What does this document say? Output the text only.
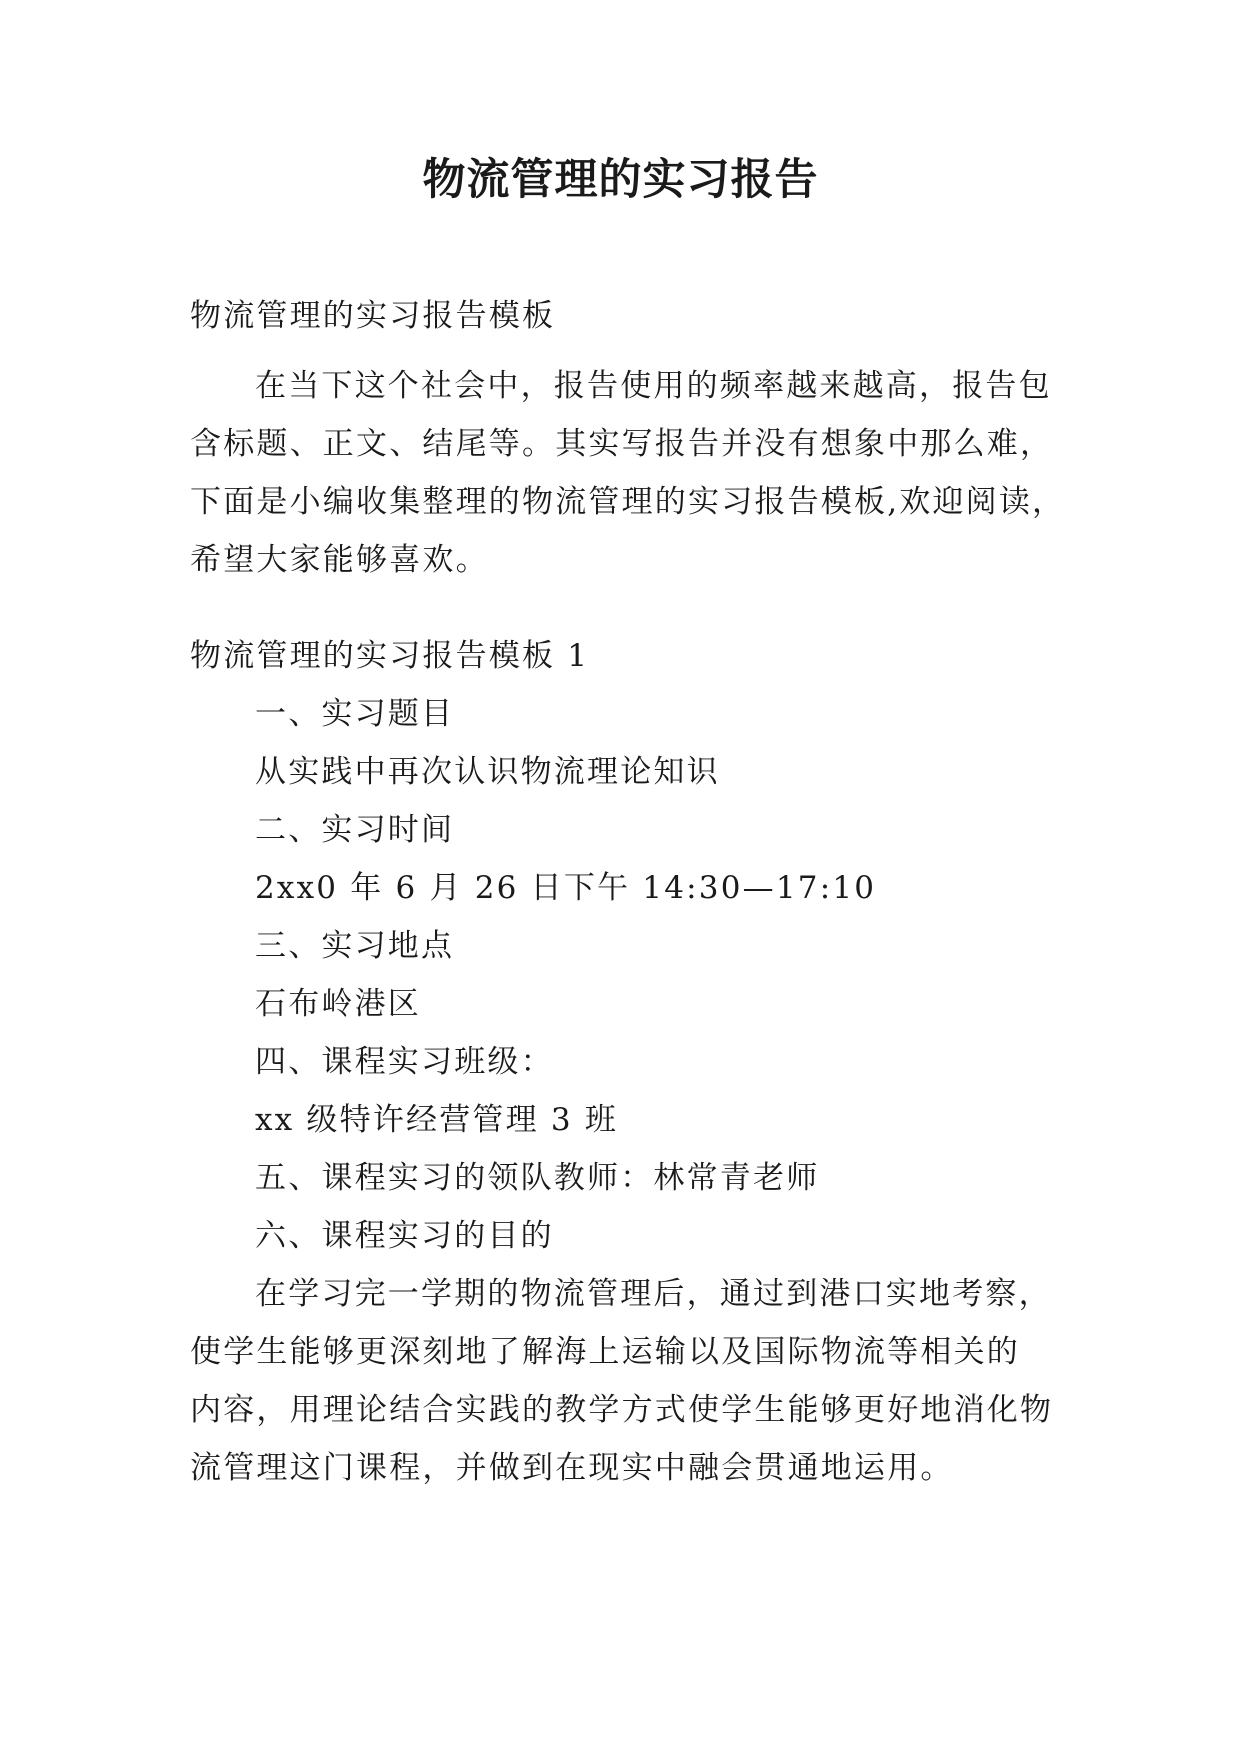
物流管理的实习报告

物流管理的实习报告模板

在当下这个社会中，报告使用的频率越来越高，报告包

含标题、正文、结尾等。其实写报告并没有想象中那么难，

下面是小编收集整理的物流管理的实习报告模板,欢迎阅读，

希望大家能够喜欢。

物流管理的实习报告模板 1

一、实习题目

从实践中再次认识物流理论知识

二、实习时间

2xx0 年 6 月 26 日下午 14:30—17:10

三、实习地点

石布岭港区

四、课程实习班级：

xx 级特许经营管理 3 班

五、课程实习的领队教师：林常青老师

六、课程实习的目的

在学习完一学期的物流管理后，通过到港口实地考察，

使学生能够更深刻地了解海上运输以及国际物流等相关的

内容，用理论结合实践的教学方式使学生能够更好地消化物

流管理这门课程，并做到在现实中融会贯通地运用。
